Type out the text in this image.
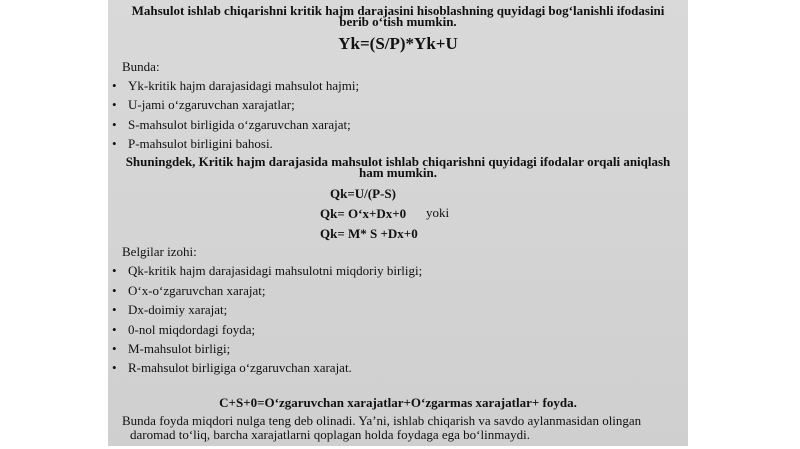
Mahsulot ishlab chiqarishni kritik hajm darajasini hisoblashning quyidagi bog‘lanishli ifodasini
berib o‘tish mumkin.
Yk=(S/P)*Yk+U
Bunda:
• Yk-kritik hajm darajasidagi mahsulot hajmi;
• U-jami o‘zgaruvchan xarajatlar;
• S-mahsulot birligida o‘zgaruvchan xarajat;
• P-mahsulot birligini bahosi.
Shuningdek, Kritik hajm darajasida mahsulot ishlab chiqarishni quyidagi ifodalar orqali aniqlash
ham mumkin.
Qk=U/(P-S)
Qk= O‘x+Dx+0 yoki
Qk= M* S +Dx+0
Belgilar izohi:
• Qk-kritik hajm darajasidagi mahsulotni miqdoriy birligi;
• O‘x-o‘zgaruvchan xarajat;
• Dx-doimiy xarajat;
• 0-nol miqdordagi foyda;
• M-mahsulot birligi;
• R-mahsulot birligiga o‘zgaruvchan xarajat.
C+S+0=O‘zgaruvchan xarajatlar+O‘zgarmas xarajatlar+ foyda.
Bunda foyda miqdori nulga teng deb olinadi. Ya’ni, ishlab chiqarish va savdo aylanmasidan olingan
daromad to‘liq, barcha xarajatlarni qoplagan holda foydaga ega bo‘linmaydi.
